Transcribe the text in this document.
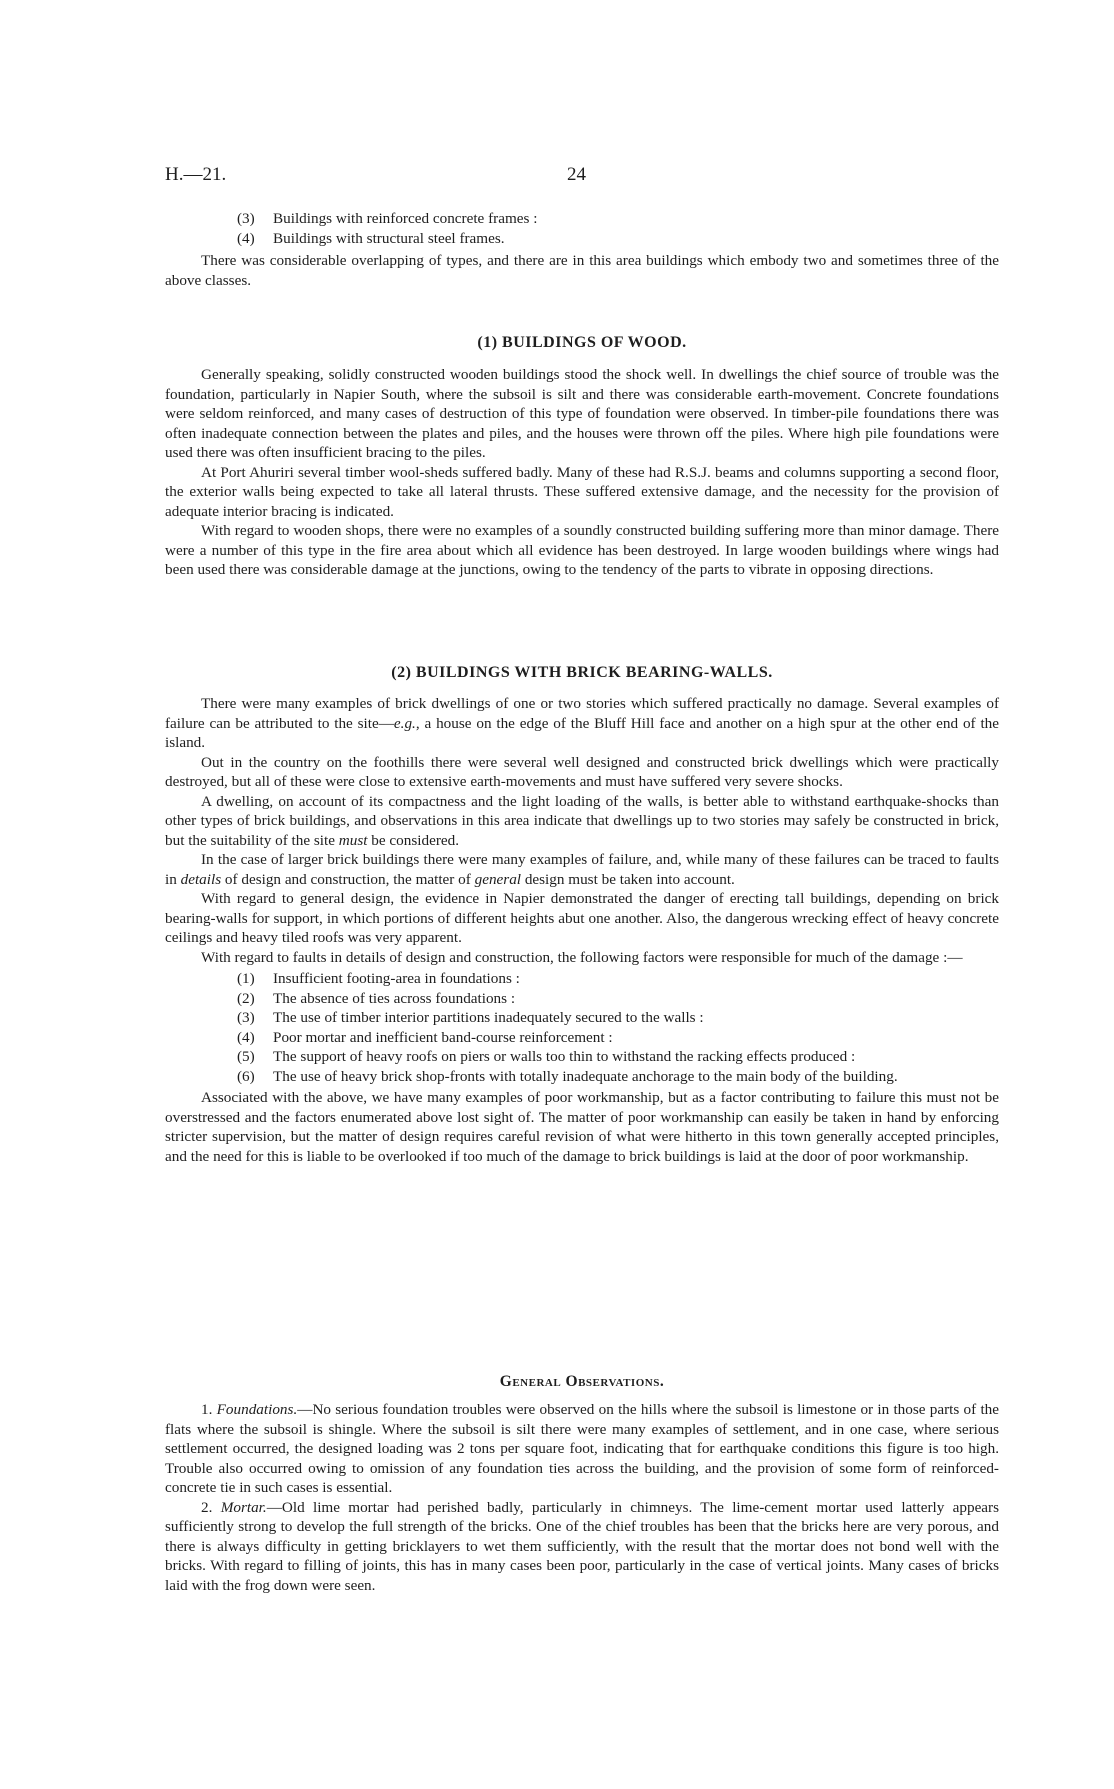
H.—21.	24
(3) Buildings with reinforced concrete frames :
(4) Buildings with structural steel frames.

There was considerable overlapping of types, and there are in this area buildings which embody two and sometimes three of the above classes.

(1) BUILDINGS OF WOOD.

Generally speaking, solidly constructed wooden buildings stood the shock well. In dwellings the chief source of trouble was the foundation, particularly in Napier South, where the subsoil is silt and there was considerable earth-movement. Concrete foundations were seldom reinforced, and many cases of destruction of this type of foundation were observed. In timber-pile foundations there was often inadequate connection between the plates and piles, and the houses were thrown off the piles. Where high pile foundations were used there was often insufficient bracing to the piles.

At Port Ahuriri several timber wool-sheds suffered badly. Many of these had R.S.J. beams and columns supporting a second floor, the exterior walls being expected to take all lateral thrusts. These suffered extensive damage, and the necessity for the provision of adequate interior bracing is indicated.

With regard to wooden shops, there were no examples of a soundly constructed building suffering more than minor damage. There were a number of this type in the fire area about which all evidence has been destroyed. In large wooden buildings where wings had been used there was considerable damage at the junctions, owing to the tendency of the parts to vibrate in opposing directions.

(2) BUILDINGS WITH BRICK BEARING-WALLS.

There were many examples of brick dwellings of one or two stories which suffered practically no damage. Several examples of failure can be attributed to the site—e.g., a house on the edge of the Bluff Hill face and another on a high spur at the other end of the island.

Out in the country on the foothills there were several well designed and constructed brick dwellings which were practically destroyed, but all of these were close to extensive earth-movements and must have suffered very severe shocks.

A dwelling, on account of its compactness and the light loading of the walls, is better able to withstand earthquake-shocks than other types of brick buildings, and observations in this area indicate that dwellings up to two stories may safely be constructed in brick, but the suitability of the site must be considered.

In the case of larger brick buildings there were many examples of failure, and, while many of these failures can be traced to faults in details of design and construction, the matter of general design must be taken into account.

With regard to general design, the evidence in Napier demonstrated the danger of erecting tall buildings, depending on brick bearing-walls for support, in which portions of different heights abut one another. Also, the dangerous wrecking effect of heavy concrete ceilings and heavy tiled roofs was very apparent.

With regard to faults in details of design and construction, the following factors were responsible for much of the damage :—

(1) Insufficient footing-area in foundations :
(2) The absence of ties across foundations :
(3) The use of timber interior partitions inadequately secured to the walls :
(4) Poor mortar and inefficient band-course reinforcement :
(5) The support of heavy roofs on piers or walls too thin to withstand the racking effects produced :
(6) The use of heavy brick shop-fronts with totally inadequate anchorage to the main body of the building.

Associated with the above, we have many examples of poor workmanship, but as a factor contributing to failure this must not be overstressed and the factors enumerated above lost sight of. The matter of poor workmanship can easily be taken in hand by enforcing stricter supervision, but the matter of design requires careful revision of what were hitherto in this town generally accepted principles, and the need for this is liable to be overlooked if too much of the damage to brick buildings is laid at the door of poor workmanship.

General Observations.

1. Foundations.—No serious foundation troubles were observed on the hills where the subsoil is limestone or in those parts of the flats where the subsoil is shingle. Where the subsoil is silt there were many examples of settlement, and in one case, where serious settlement occurred, the designed loading was 2 tons per square foot, indicating that for earthquake conditions this figure is too high. Trouble also occurred owing to omission of any foundation ties across the building, and the provision of some form of reinforced-concrete tie in such cases is essential.

2. Mortar.—Old lime mortar had perished badly, particularly in chimneys. The lime-cement mortar used latterly appears sufficiently strong to develop the full strength of the bricks. One of the chief troubles has been that the bricks here are very porous, and there is always difficulty in getting bricklayers to wet them sufficiently, with the result that the mortar does not bond well with the bricks. With regard to filling of joints, this has in many cases been poor, particularly in the case of vertical joints. Many cases of bricks laid with the frog down were seen.
